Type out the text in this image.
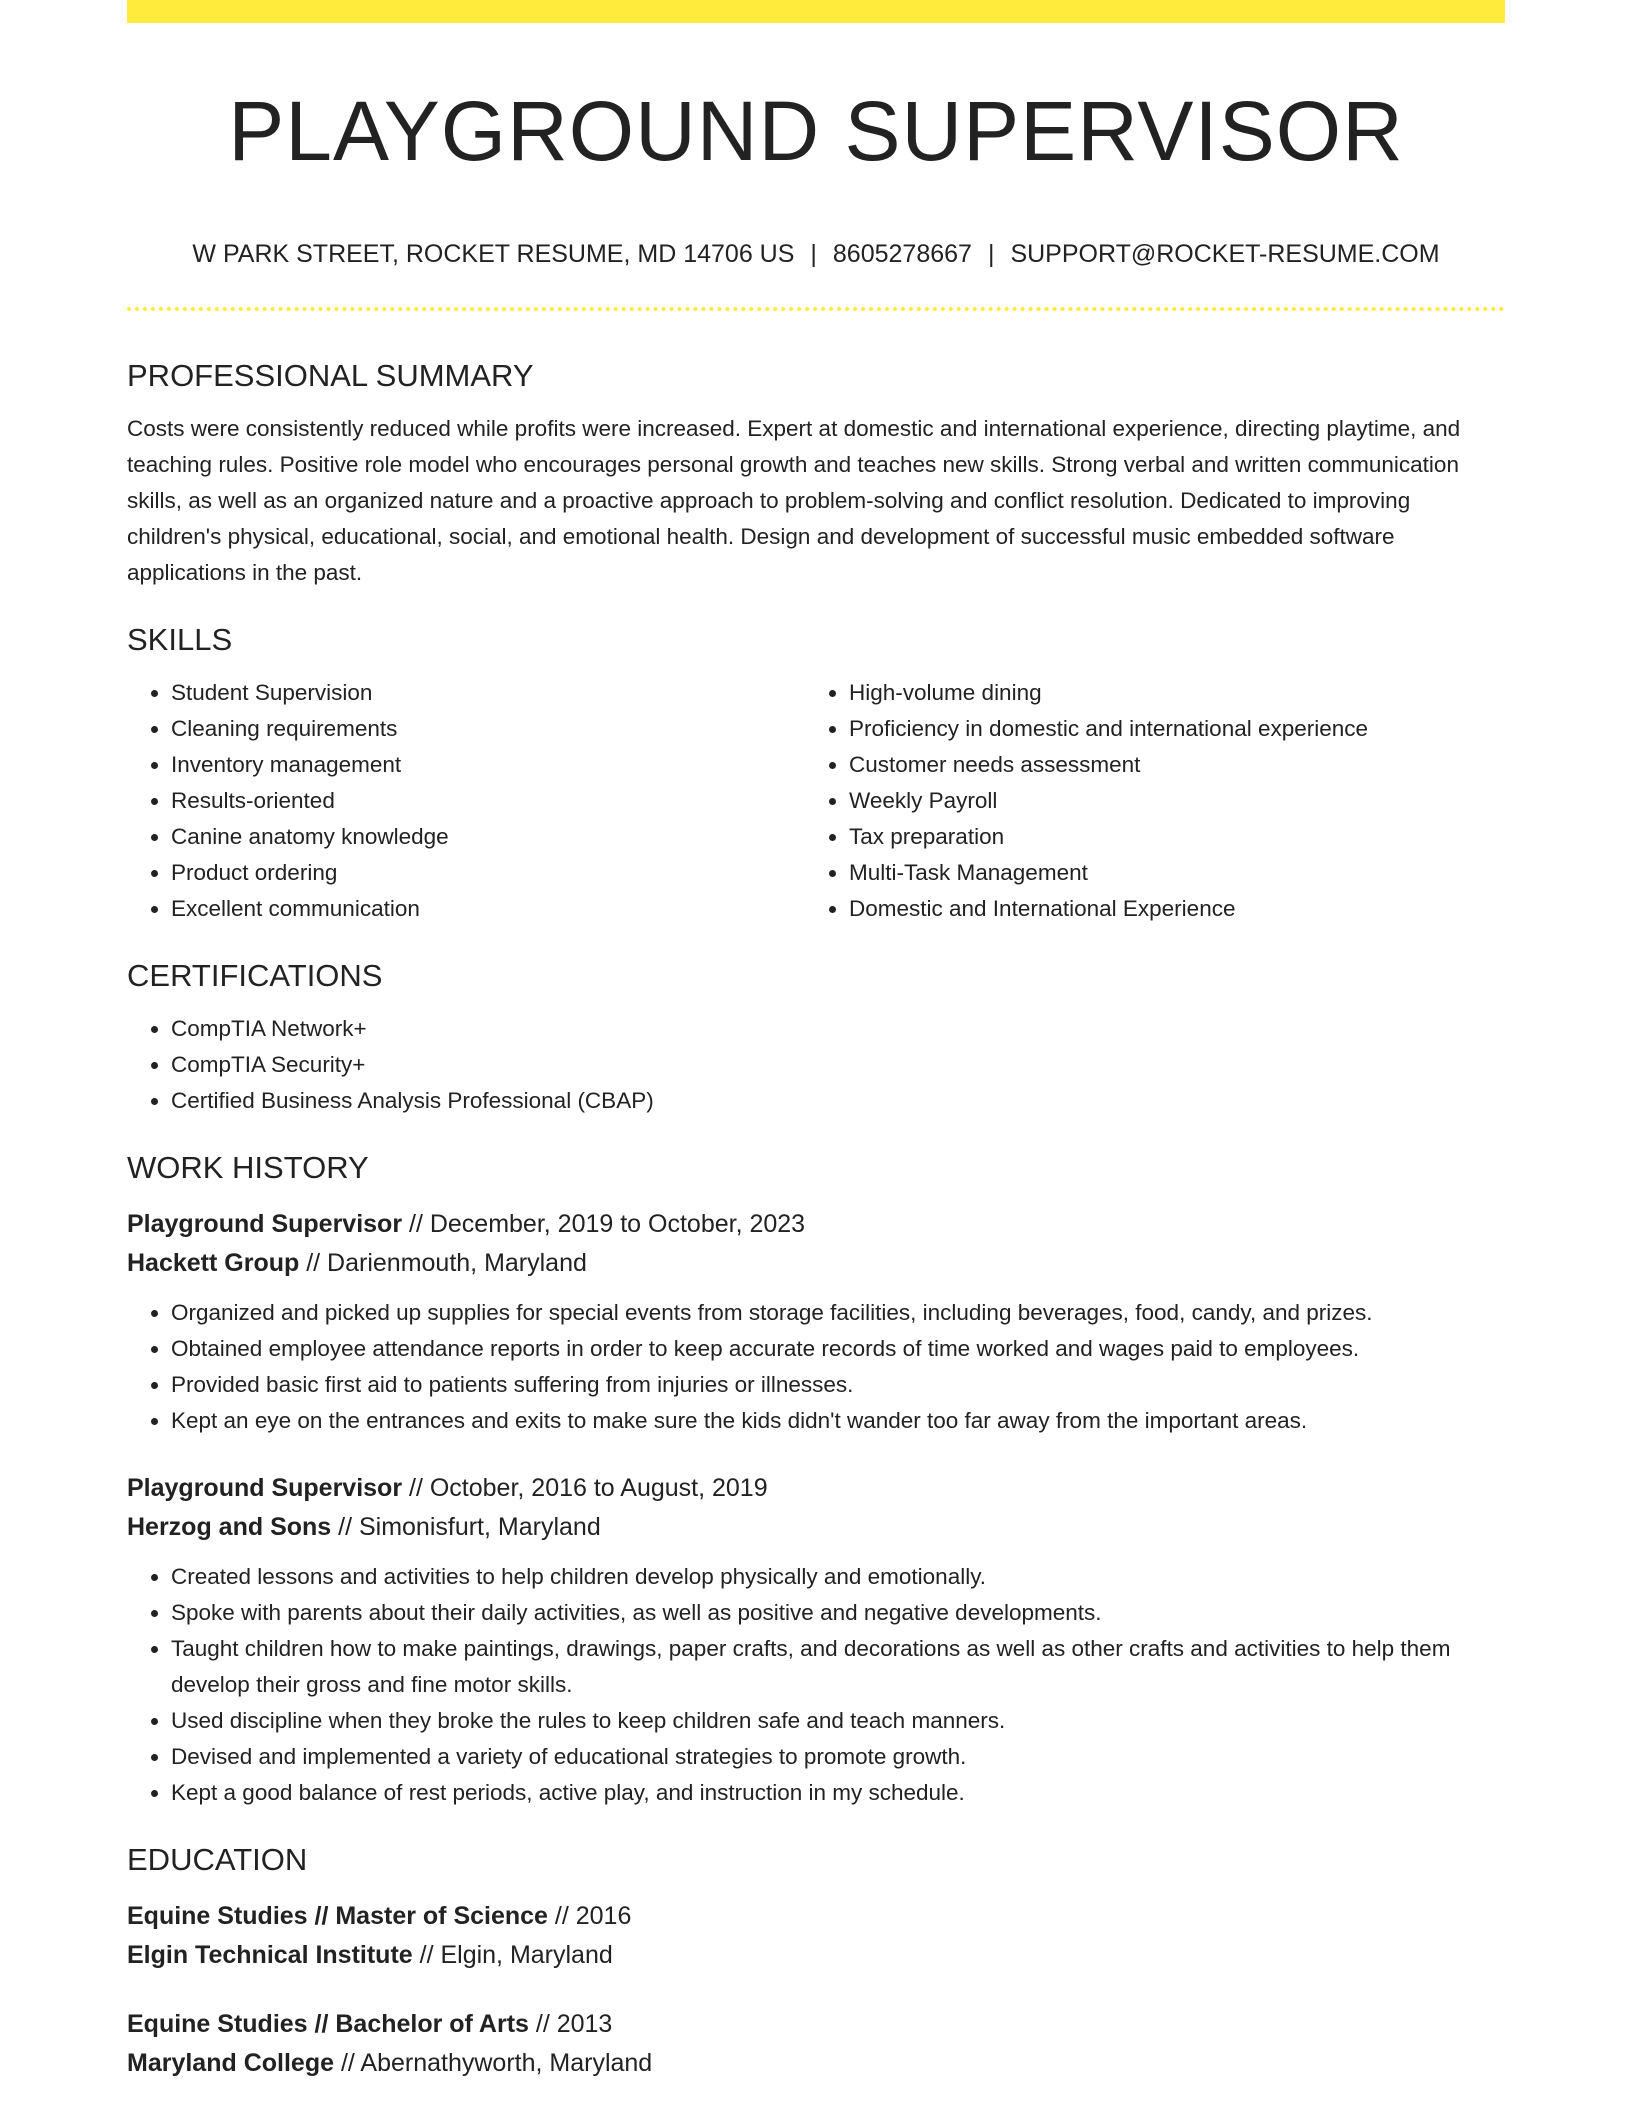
PLAYGROUND SUPERVISOR
W PARK STREET, ROCKET RESUME, MD 14706 US | 8605278667 | SUPPORT@ROCKET-RESUME.COM
PROFESSIONAL SUMMARY

Costs were consistently reduced while profits were increased. Expert at domestic and international experience, directing playtime, and teaching rules. Positive role model who encourages personal growth and teaches new skills. Strong verbal and written communication skills, as well as an organized nature and a proactive approach to problem-solving and conflict resolution. Dedicated to improving children's physical, educational, social, and emotional health. Design and development of successful music embedded software applications in the past.

SKILLS
• Student Supervision
• Cleaning requirements
• Inventory management
• Results-oriented
• Canine anatomy knowledge
• Product ordering
• Excellent communication
• High-volume dining
• Proficiency in domestic and international experience
• Customer needs assessment
• Weekly Payroll
• Tax preparation
• Multi-Task Management
• Domestic and International Experience
CERTIFICATIONS
• CompTIA Network+
• CompTIA Security+
• Certified Business Analysis Professional (CBAP)
WORK HISTORY
Playground Supervisor // December, 2019 to October, 2023
Hackett Group // Darienmouth, Maryland
• Organized and picked up supplies for special events from storage facilities, including beverages, food, candy, and prizes.
• Obtained employee attendance reports in order to keep accurate records of time worked and wages paid to employees.
• Provided basic first aid to patients suffering from injuries or illnesses.
• Kept an eye on the entrances and exits to make sure the kids didn't wander too far away from the important areas.
Playground Supervisor // October, 2016 to August, 2019
Herzog and Sons // Simonisfurt, Maryland
• Created lessons and activities to help children develop physically and emotionally.
• Spoke with parents about their daily activities, as well as positive and negative developments.
• Taught children how to make paintings, drawings, paper crafts, and decorations as well as other crafts and activities to help them develop their gross and fine motor skills.
• Used discipline when they broke the rules to keep children safe and teach manners.
• Devised and implemented a variety of educational strategies to promote growth.
• Kept a good balance of rest periods, active play, and instruction in my schedule.
EDUCATION
Equine Studies // Master of Science // 2016
Elgin Technical Institute // Elgin, Maryland
Equine Studies // Bachelor of Arts // 2013
Maryland College // Abernathyworth, Maryland
